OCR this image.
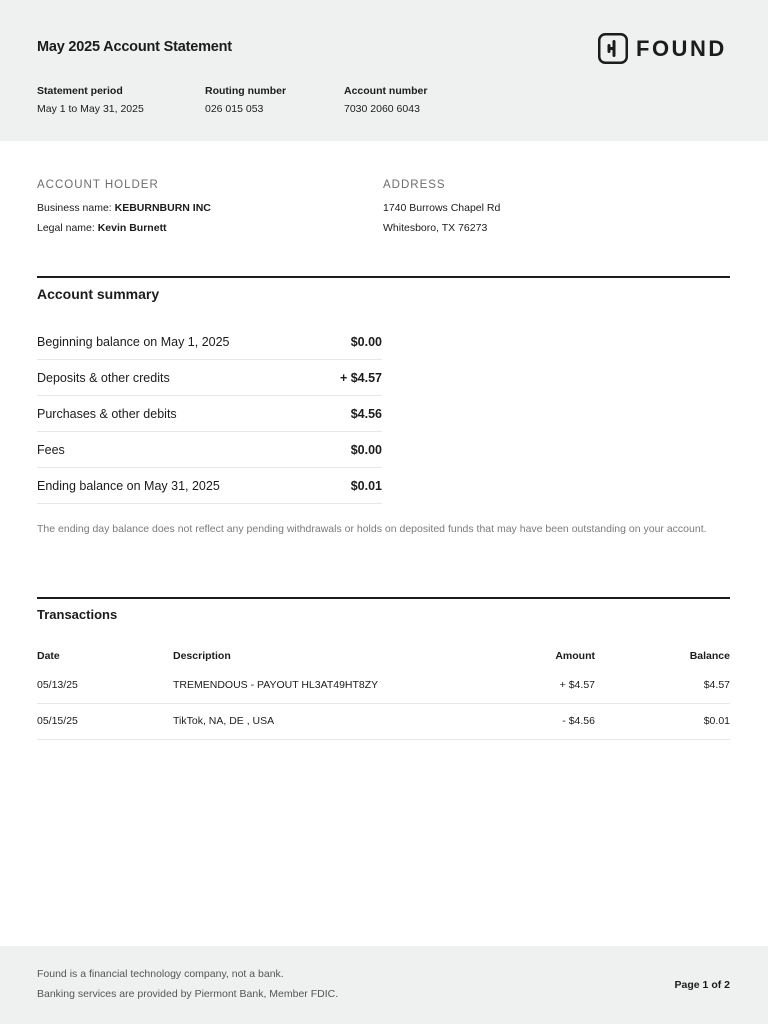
May 2025 Account Statement	FOUND
Statement period
May 1 to May 31, 2025
Routing number
026 015 053
Account number
7030 2060 6043
ACCOUNT HOLDER
Business name: KEBURNBURN INC
Legal name: Kevin Burnett
ADDRESS
1740 Burrows Chapel Rd
Whitesboro, TX 76273
Account summary
Beginning balance on May 1, 2025	$0.00
Deposits & other credits	+ $4.57
Purchases & other debits	$4.56
Fees	$0.00
Ending balance on May 31, 2025	$0.01
The ending day balance does not reflect any pending withdrawals or holds on deposited funds that may have been outstanding on your account.
Transactions
Date	Description	Amount	Balance
05/13/25	TREMENDOUS - PAYOUT HL3AT49HT8ZY	+ $4.57	$4.57
05/15/25	TikTok, NA, DE , USA	- $4.56	$0.01
Found is a financial technology company, not a bank.
Banking services are provided by Piermont Bank, Member FDIC.
Page 1 of 2
